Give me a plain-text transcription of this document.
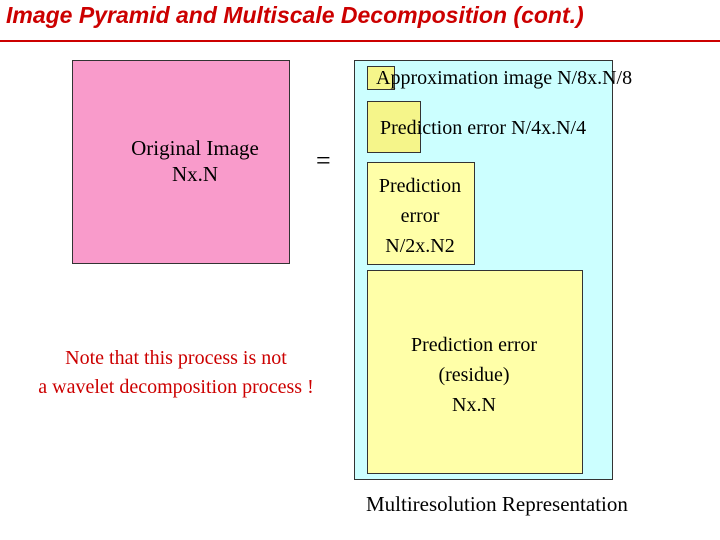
Image Pyramid and Multiscale Decomposition (cont.)
Original Image
Nx.N	=
Note that this process is not
a wavelet decomposition process !
Approximation image N/8x.N/8
Prediction error N/4x.N/4
Prediction
error
N/2x.N2
Prediction error
(residue)
Nx.N
Multiresolution Representation
